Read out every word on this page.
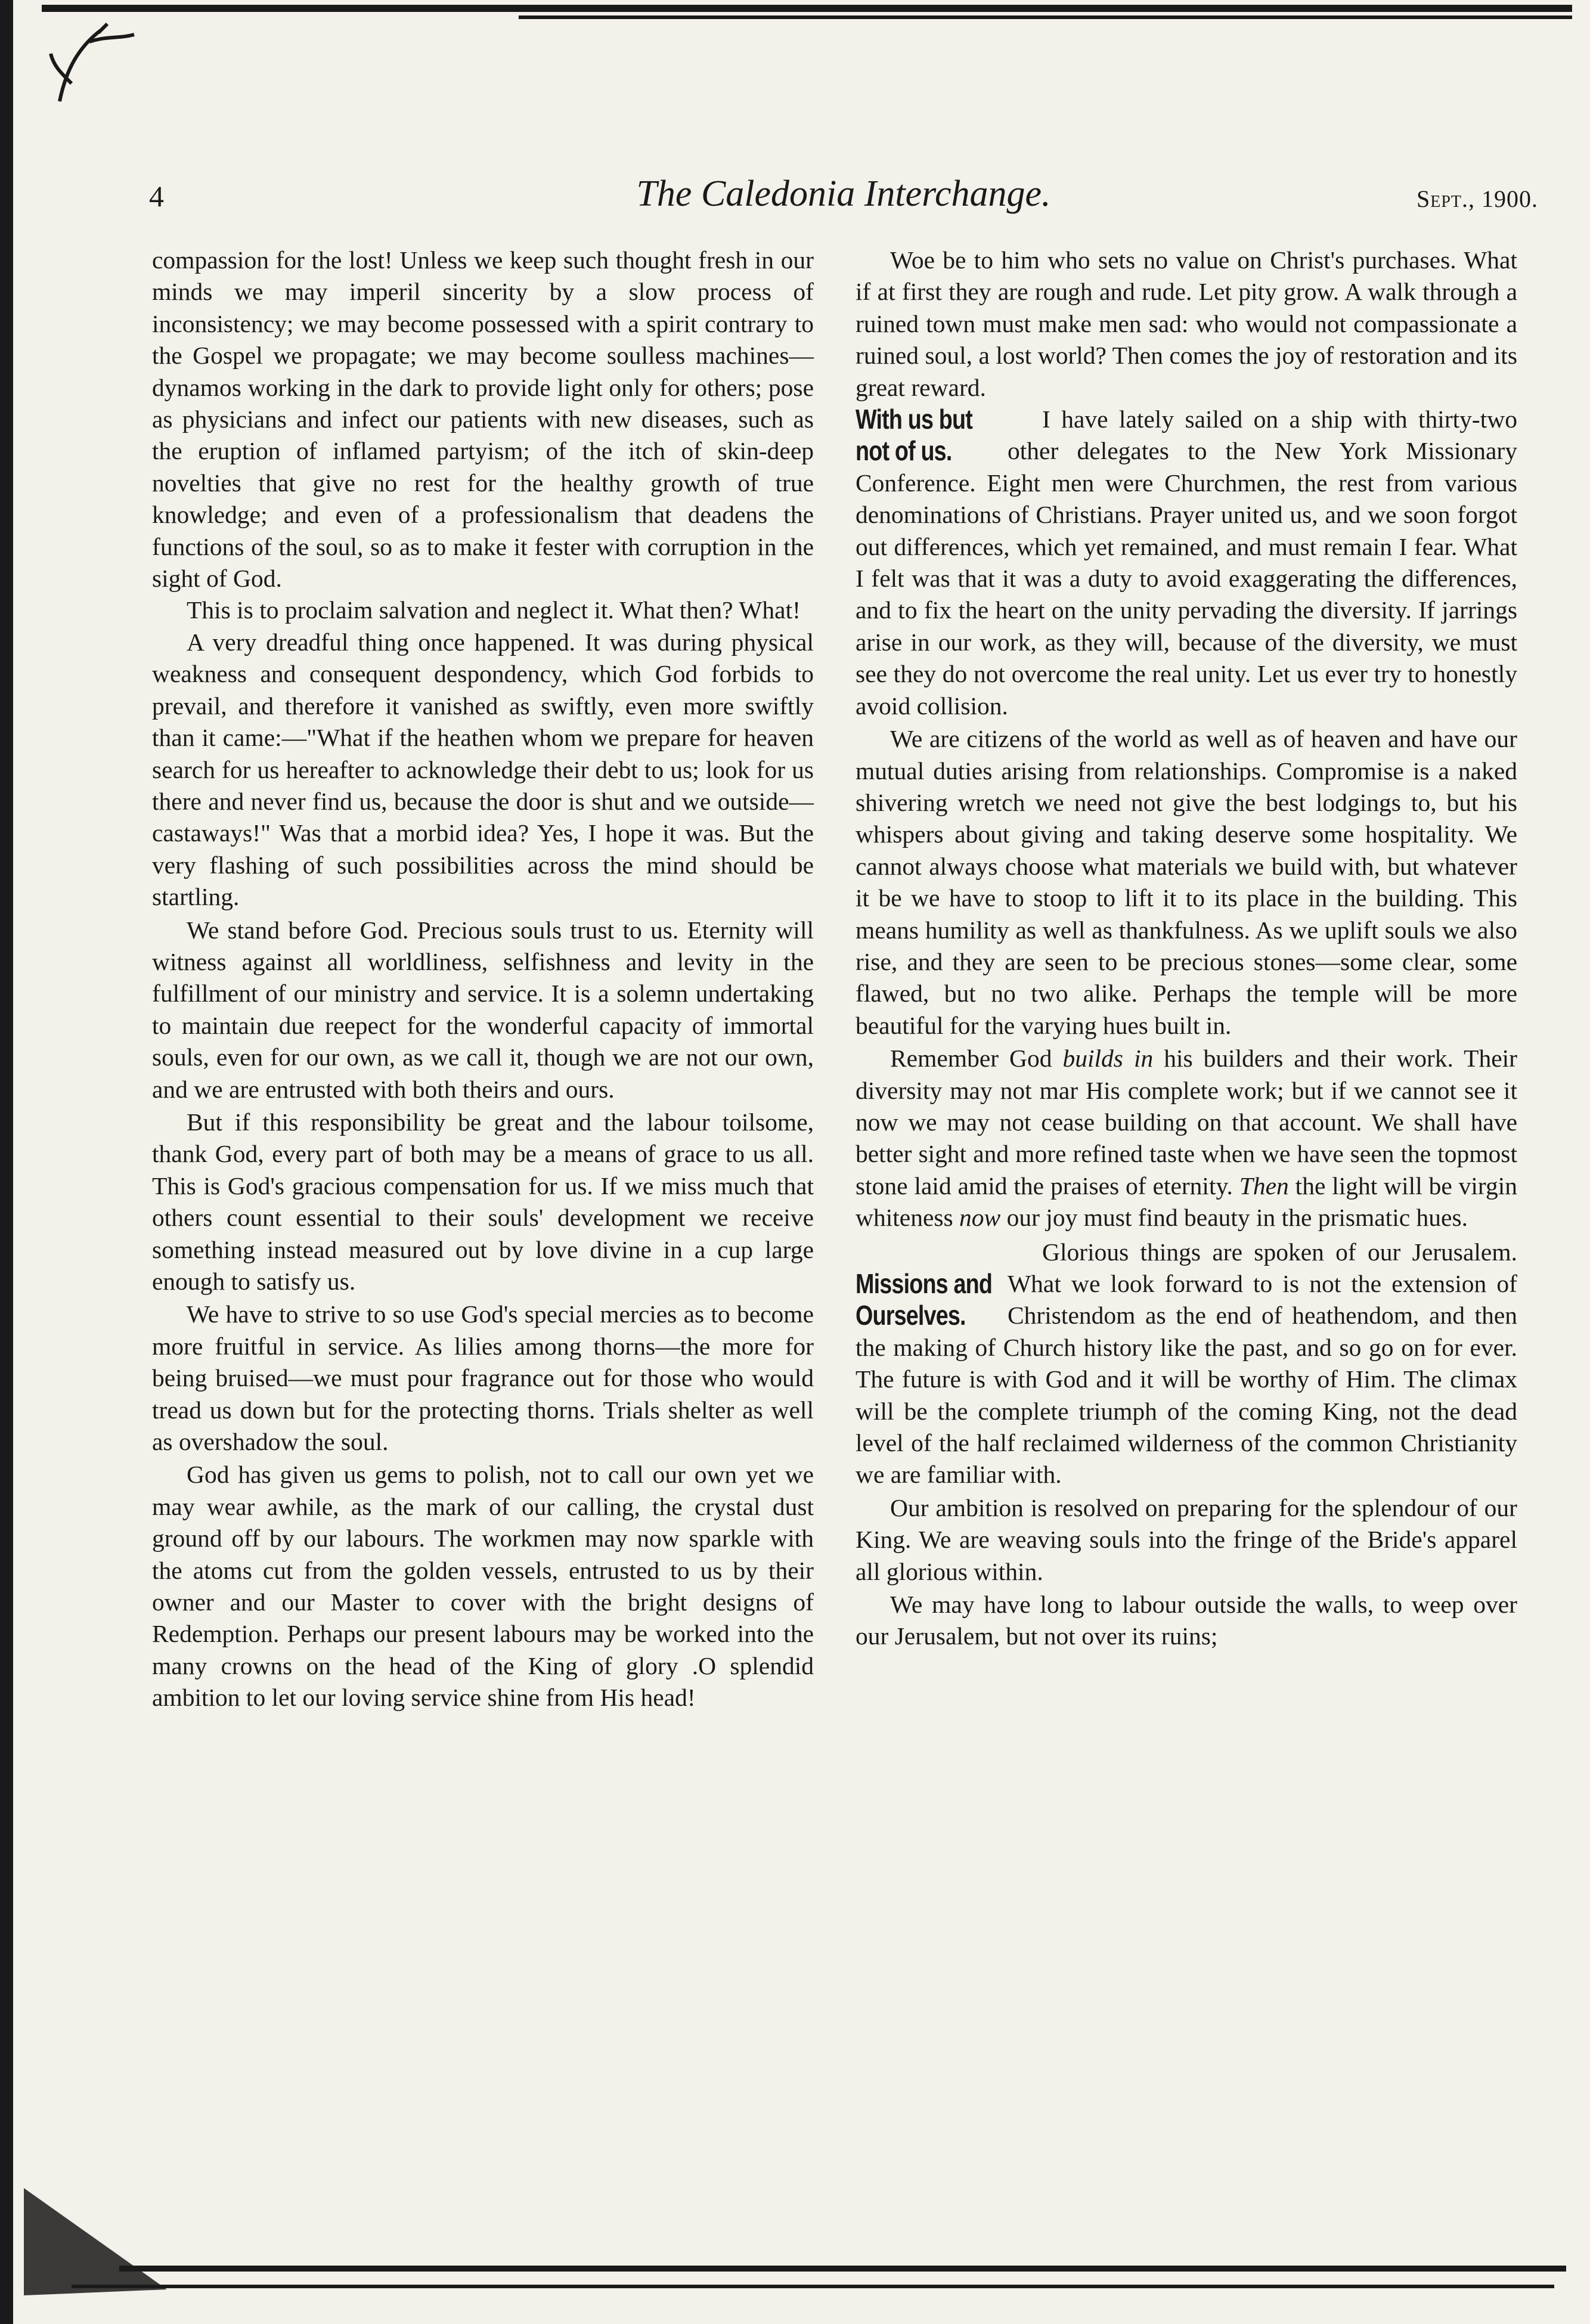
4	The Caledonia Interchange.	Sept., 1900.

compassion for the lost! Unless we keep such thought fresh in our minds we may imperil sincerity by a slow process of inconsistency; we may become possessed with a spirit contrary to the Gospel we propagate; we may become soulless machines—dynamos working in the dark to provide light only for others; pose as physicians and infect our patients with new diseases, such as the eruption of inflamed partyism; of the itch of skin-deep novelties that give no rest for the healthy growth of true knowledge; and even of a professionalism that deadens the functions of the soul, so as to make it fester with corruption in the sight of God.

This is to proclaim salvation and neglect it. What then? What!

A very dreadful thing once happened. It was during physical weakness and consequent despondency, which God forbids to prevail, and therefore it vanished as swiftly, even more swiftly than it came:—"What if the heathen whom we prepare for heaven search for us hereafter to acknowledge their debt to us; look for us there and never find us, because the door is shut and we outside—castaways!" Was that a morbid idea? Yes, I hope it was. But the very flashing of such possibilities across the mind should be startling.

We stand before God. Precious souls trust to us. Eternity will witness against all worldliness, selfishness and levity in the fulfillment of our ministry and service. It is a solemn undertaking to maintain due reepect for the wonderful capacity of immortal souls, even for our own, as we call it, though we are not our own, and we are entrusted with both theirs and ours.

But if this responsibility be great and the labour toilsome, thank God, every part of both may be a means of grace to us all. This is God's gracious compensation for us. If we miss much that others count essential to their souls' development we receive something instead measured out by love divine in a cup large enough to satisfy us.

We have to strive to so use God's special mercies as to become more fruitful in service. As lilies among thorns—the more for being bruised—we must pour fragrance out for those who would tread us down but for the protecting thorns. Trials shelter as well as overshadow the soul.

God has given us gems to polish, not to call our own yet we may wear awhile, as the mark of our calling, the crystal dust ground off by our labours. The workmen may now sparkle with the atoms cut from the golden vessels, entrusted to us by their owner and our Master to cover with the bright designs of Redemption. Perhaps our present labours may be worked into the many crowns on the head of the King of glory .O splendid ambition to let our loving service shine from His head!

Woe be to him who sets no value on Christ's purchases. What if at first they are rough and rude. Let pity grow. A walk through a ruined town must make men sad: who would not compassionate a ruined soul, a lost world? Then comes the joy of restoration and its great reward.

With us but
not of us.

I have lately sailed on a ship with thirty-two other delegates to the New York Missionary Conference. Eight men were Churchmen, the rest from various denominations of Christians. Prayer united us, and we soon forgot out differences, which yet remained, and must remain I fear. What I felt was that it was a duty to avoid exaggerating the differences, and to fix the heart on the unity pervading the diversity. If jarrings arise in our work, as they will, because of the diversity, we must see they do not overcome the real unity. Let us ever try to honestly avoid collision.

We are citizens of the world as well as of heaven and have our mutual duties arising from relationships. Compromise is a naked shivering wretch we need not give the best lodgings to, but his whispers about giving and taking deserve some hospitality. We cannot always choose what materials we build with, but whatever it be we have to stoop to lift it to its place in the building. This means humility as well as thankfulness. As we uplift souls we also rise, and they are seen to be precious stones—some clear, some flawed, but no two alike. Perhaps the temple will be more beautiful for the varying hues built in.

Remember God builds in his builders and their work. Their diversity may not mar His complete work; but if we cannot see it now we may not cease building on that account. We shall have better sight and more refined taste when we have seen the topmost stone laid amid the praises of eternity. Then the light will be virgin whiteness now our joy must find beauty in the prismatic hues.

Missions and
Ourselves.

Glorious things are spoken of our Jerusalem. What we look forward to is not the extension of Christendom as the end of heathendom, and then the making of Church history like the past, and so go on for ever. The future is with God and it will be worthy of Him. The climax will be the complete triumph of the coming King, not the dead level of the half reclaimed wilderness of the common Christianity we are familiar with.

Our ambition is resolved on preparing for the splendour of our King. We are weaving souls into the fringe of the Bride's apparel all glorious within.

We may have long to labour outside the walls, to weep over our Jerusalem, but not over its ruins;
